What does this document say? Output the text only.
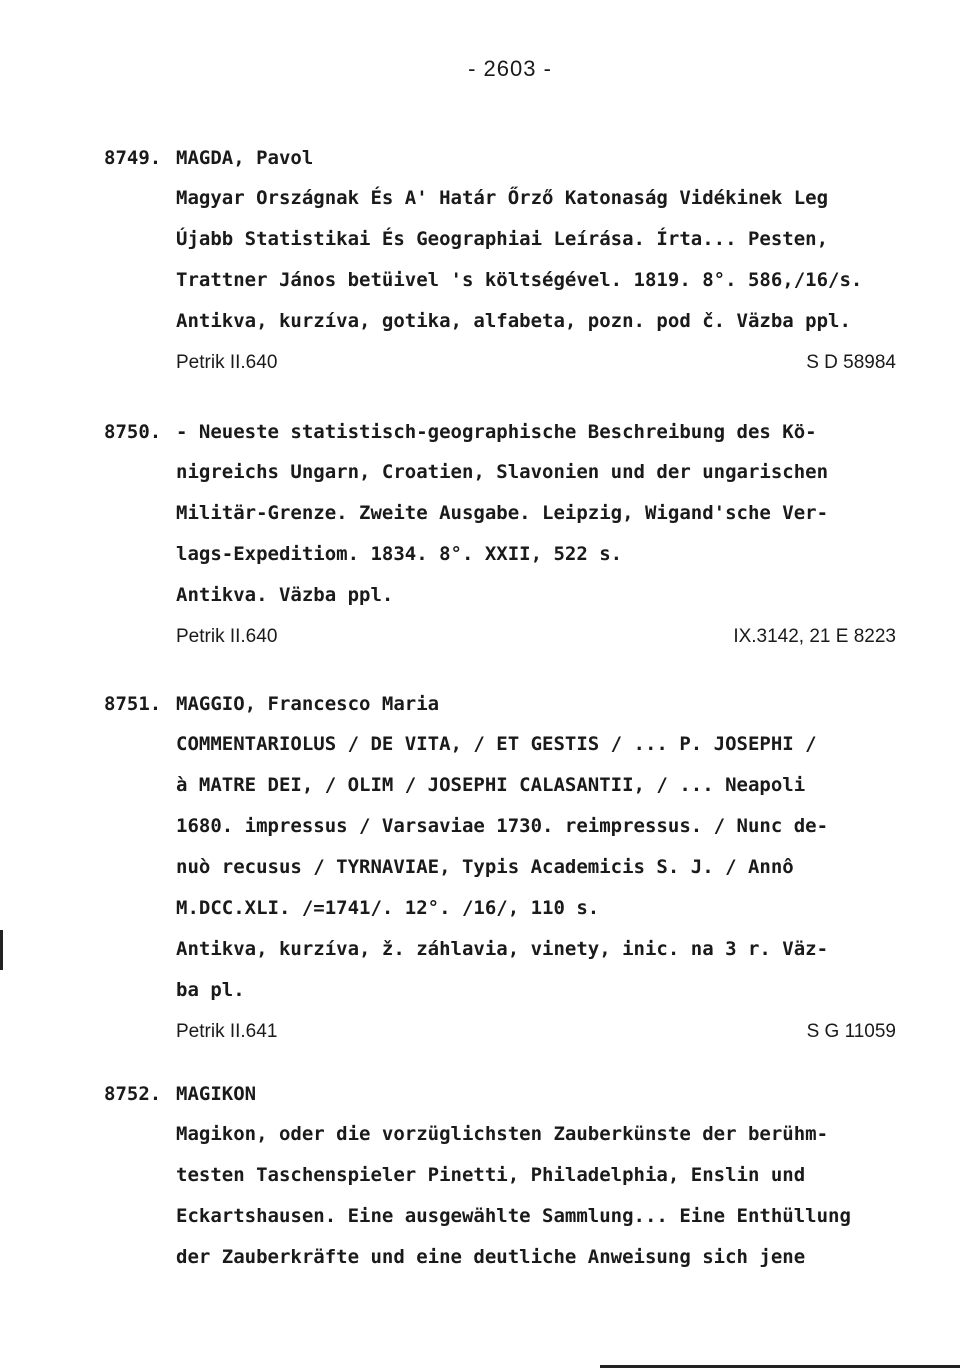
- 2603 -
8749. MAGDA, Pavol
Magyar Országnak És A' Határ Őrző Katonaság Vidékinek Leg
Újabb Statistikai És Geographiai Leírása. Írta... Pesten,
Trattner János betüivel 's költségével. 1819. 8°. 586,/16/s.
Antikva, kurzíva, gotika, alfabeta, pozn. pod č. Väzba ppl.
Petrik II.640	S D 58984
8750. - Neueste statistisch-geographische Beschreibung des Kö-
nigreichs Ungarn, Croatien, Slavonien und der ungarischen
Militär-Grenze. Zweite Ausgabe. Leipzig, Wigand'sche Ver-
lags-Expeditiom. 1834. 8°. XXII, 522 s.
Antikva. Väzba ppl.
Petrik II.640	IX.3142, 21 E 8223
8751. MAGGIO, Francesco Maria
COMMENTARIOLUS / DE VITA, / ET GESTIS / ... P. JOSEPHI /
à MATRE DEI, / OLIM / JOSEPHI CALASANTII, / ... Neapoli
1680. impressus / Varsaviae 1730. reimpressus. / Nunc de-
nuò recusus / TYRNAVIAE, Typis Academicis S. J. / Annô
M.DCC.XLI. /=1741/. 12°. /16/, 110 s.
Antikva, kurzíva, ž. záhlavia, vinety, inic. na 3 r. Väz-
ba pl.
Petrik II.641	S G 11059
8752. MAGIKON
Magikon, oder die vorzüglichsten Zauberkünste der berühm-
testen Taschenspieler Pinetti, Philadelphia, Enslin und
Eckartshausen. Eine ausgewählte Sammlung... Eine Enthüllung
der Zauberkräfte und eine deutliche Anweisung sich jene
